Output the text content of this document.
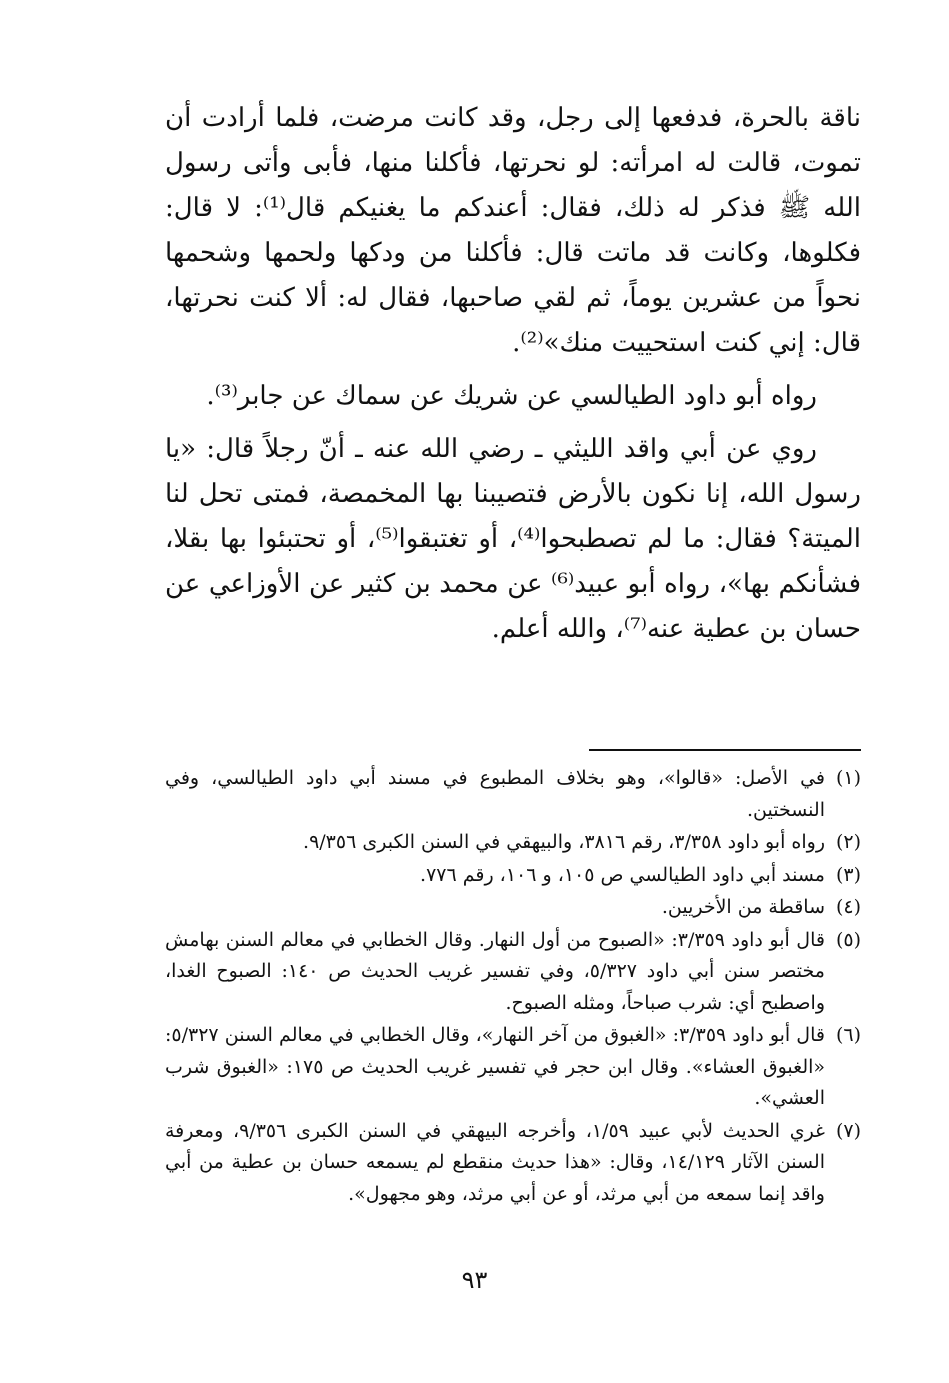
ناقة بالحرة، فدفعها إلى رجل، وقد كانت مرضت، فلما أرادت أن تموت، قالت له امرأته: لو نحرتها، فأكلنا منها، فأبى وأتى رسول الله ﷺ فذكر له ذلك، فقال: أعندكم ما يغنيكم قال⁽¹⁾: لا قال: فكلوها، وكانت قد ماتت قال: فأكلنا من ودكها ولحمها وشحمها نحواً من عشرين يوماً، ثم لقي صاحبها، فقال له: ألا كنت نحرتها، قال: إني كنت استحييت منك»⁽²⁾.

رواه أبو داود الطيالسي عن شريك عن سماك عن جابر⁽³⁾.

روي عن أبي واقد الليثي ـ رضي الله عنه ـ أنّ رجلاً قال: «يا رسول الله، إنا نكون بالأرض فتصيبنا بها المخمصة، فمتى تحل لنا الميتة؟ فقال: ما لم تصطبحوا⁽⁴⁾، أو تغتبقوا⁽⁵⁾، أو تحتبئوا بها بقلا، فشأنكم بها»، رواه أبو عبيد⁽⁶⁾ عن محمد بن كثير عن الأوزاعي عن حسان بن عطية عنه⁽⁷⁾، والله أعلم.

(١)
في الأصل: «قالوا»، وهو بخلاف المطبوع في مسند أبي داود الطيالسي، وفي النسختين.
(٢)
رواه أبو داود ٣/٣٥٨، رقم ٣٨١٦، والبيهقي في السنن الكبرى ٩/٣٥٦.
(٣)
مسند أبي داود الطيالسي ص ١٠٥، و ١٠٦، رقم ٧٧٦.
(٤)
ساقطة من الأخريين.
(٥)
قال أبو داود ٣/٣٥٩: «الصبوح من أول النهار. وقال الخطابي في معالم السنن بهامش مختصر سنن أبي داود ٥/٣٢٧، وفي تفسير غريب الحديث ص ١٤٠: الصبوح الغدا، واصطبح أي: شرب صباحاً، ومثله الصبوح.
(٦)
قال أبو داود ٣/٣٥٩: «الغبوق من آخر النهار»، وقال الخطابي في معالم السنن ٥/٣٢٧: «الغبوق العشاء». وقال ابن حجر في تفسير غريب الحديث ص ١٧٥: «الغبوق شرب العشي».
(٧)
غري الحديث لأبي عبيد ١/٥٩، وأخرجه البيهقي في السنن الكبرى ٩/٣٥٦، ومعرفة السنن الآثار ١٤/١٢٩، وقال: «هذا حديث منقطع لم يسمعه حسان بن عطية من أبي واقد إنما سمعه من أبي مرثد، أو عن أبي مرثد، وهو مجهول».
٩٣
